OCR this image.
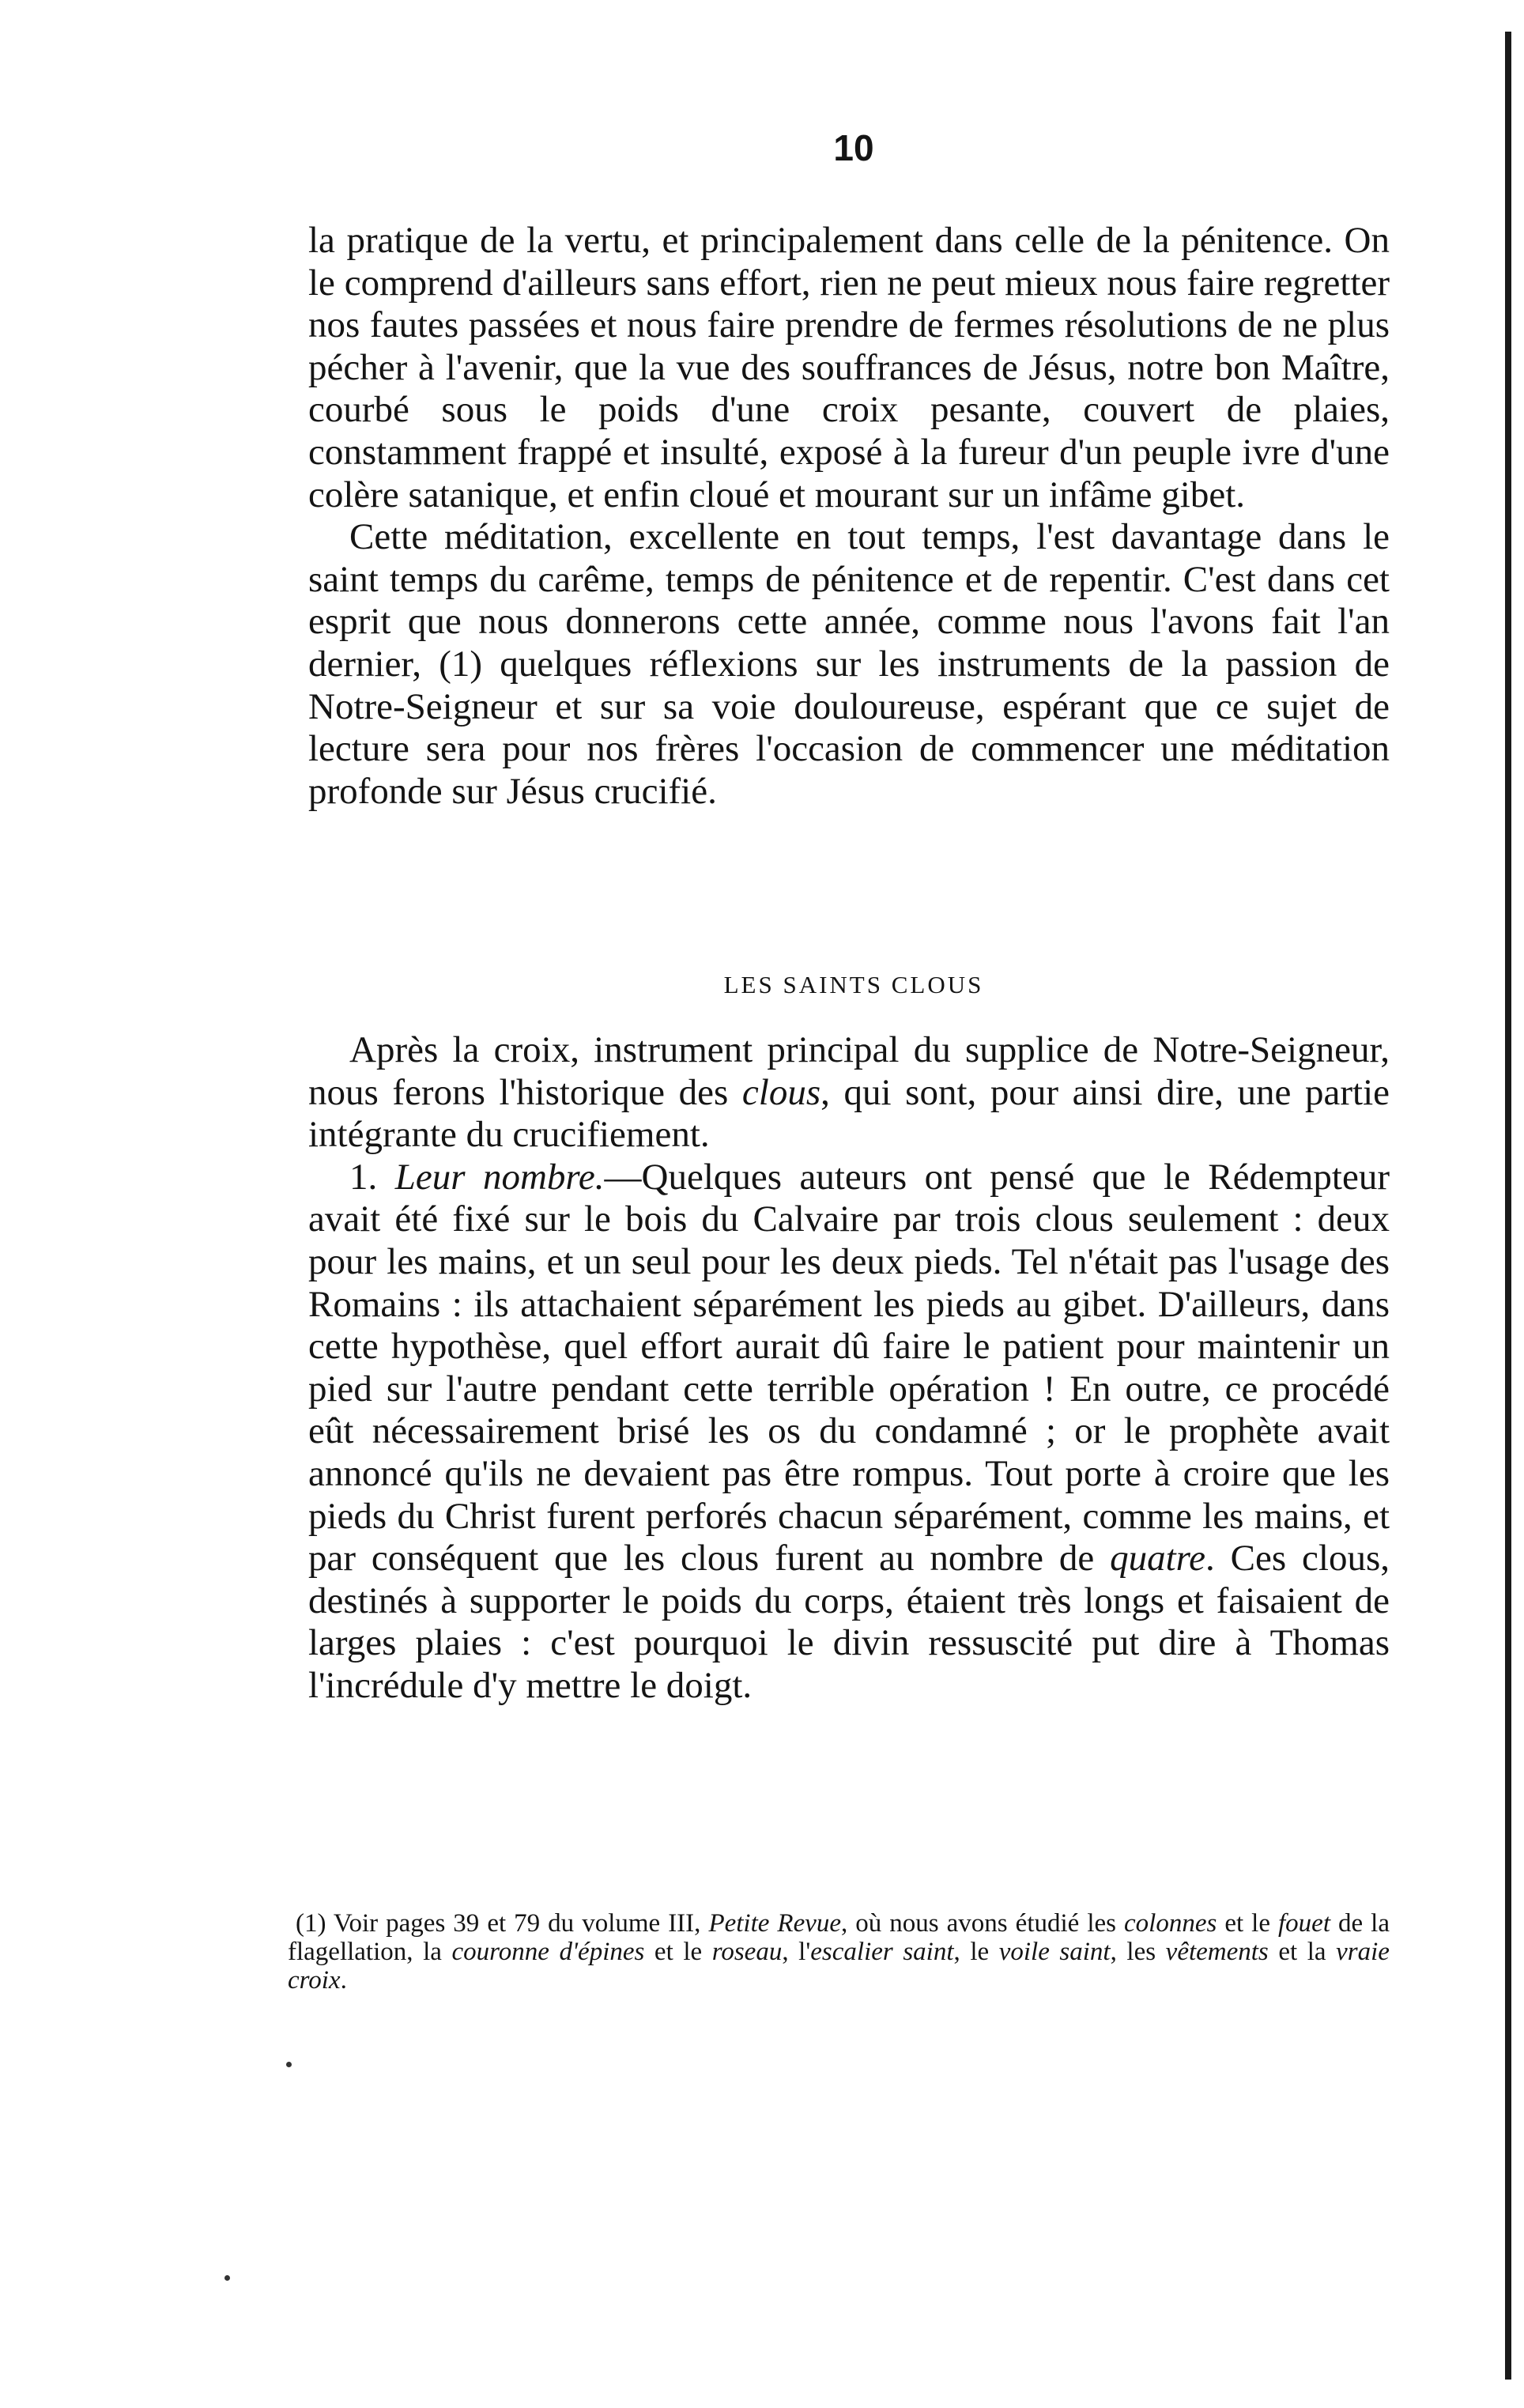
10

la pratique de la vertu, et principalement dans celle de la pénitence. On le comprend d'ailleurs sans effort, rien ne peut mieux nous faire regretter nos fautes passées et nous faire prendre de fermes résolutions de ne plus pécher à l'avenir, que la vue des souffrances de Jésus, notre bon Maître, courbé sous le poids d'une croix pesante, couvert de plaies, constamment frappé et insulté, exposé à la fureur d'un peuple ivre d'une colère satanique, et enfin cloué et mourant sur un infâme gibet.

Cette méditation, excellente en tout temps, l'est davantage dans le saint temps du carême, temps de pénitence et de repentir. C'est dans cet esprit que nous donnerons cette année, comme nous l'avons fait l'an dernier, (1) quelques réflexions sur les instruments de la passion de Notre-Seigneur et sur sa voie douloureuse, espérant que ce sujet de lecture sera pour nos frères l'occasion de commencer une méditation profonde sur Jésus crucifié.

LES SAINTS CLOUS

Après la croix, instrument principal du supplice de Notre-Seigneur, nous ferons l'historique des clous, qui sont, pour ainsi dire, une partie intégrante du crucifiement.

1. Leur nombre.—Quelques auteurs ont pensé que le Rédempteur avait été fixé sur le bois du Calvaire par trois clous seulement : deux pour les mains, et un seul pour les deux pieds. Tel n'était pas l'usage des Romains : ils attachaient séparément les pieds au gibet. D'ailleurs, dans cette hypothèse, quel effort aurait dû faire le patient pour maintenir un pied sur l'autre pendant cette terrible opération ! En outre, ce procédé eût nécessairement brisé les os du condamné ; or le prophète avait annoncé qu'ils ne devaient pas être rompus. Tout porte à croire que les pieds du Christ furent perforés chacun séparément, comme les mains, et par conséquent que les clous furent au nombre de quatre. Ces clous, destinés à supporter le poids du corps, étaient très longs et faisaient de larges plaies : c'est pourquoi le divin ressuscité put dire à Thomas l'incrédule d'y mettre le doigt.

(1) Voir pages 39 et 79 du volume III, Petite Revue, où nous avons étudié les colonnes et le fouet de la flagellation, la couronne d'épines et le roseau, l'escalier saint, le voile saint, les vêtements et la vraie croix.
